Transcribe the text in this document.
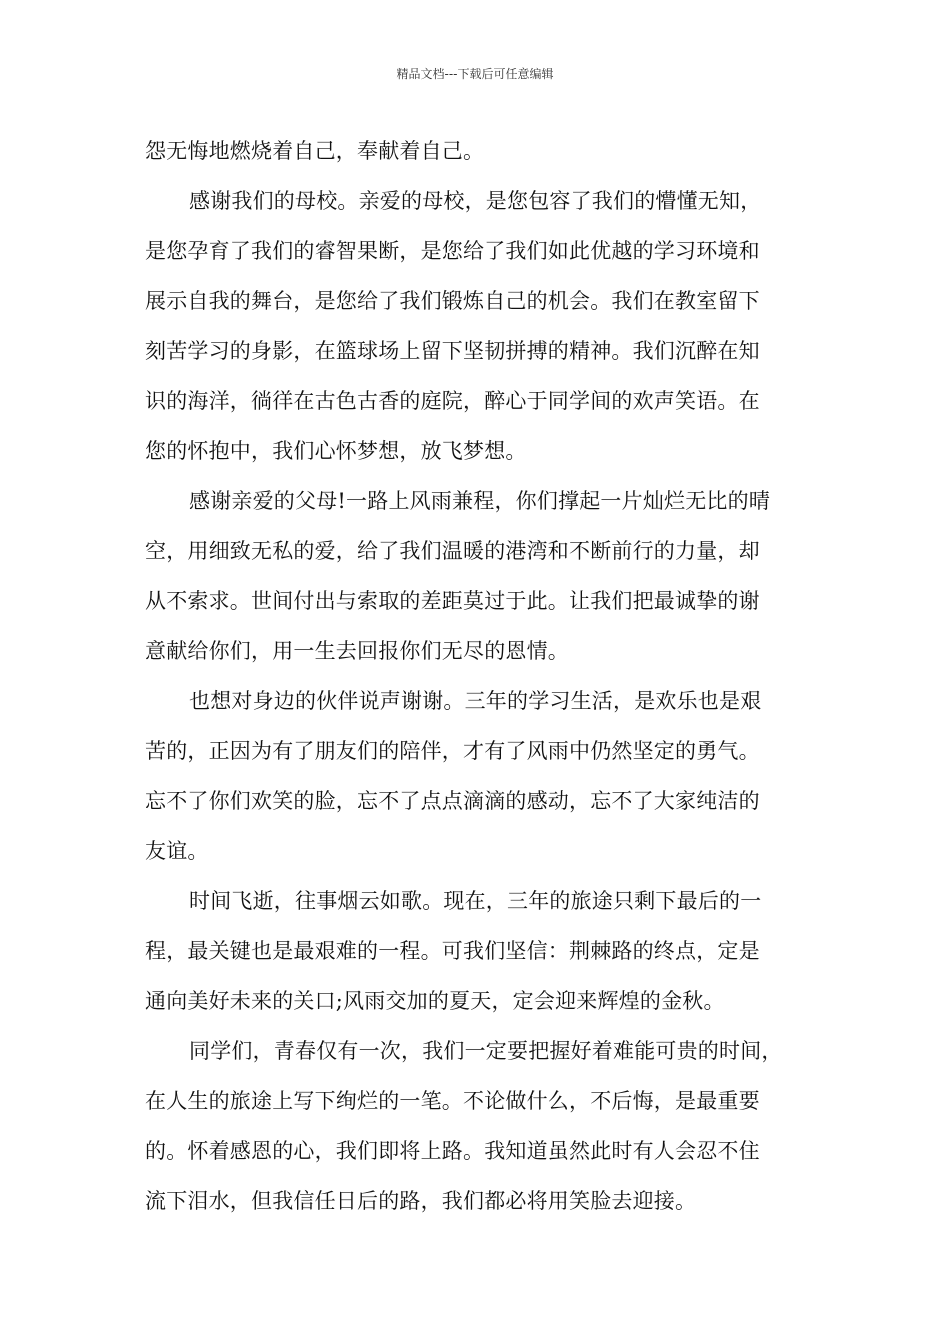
精品文档---下载后可任意编辑
怨无悔地燃烧着自己，奉献着自己。
感谢我们的母校。亲爱的母校，是您包容了我们的懵懂无知，
是您孕育了我们的睿智果断，是您给了我们如此优越的学习环境和
展示自我的舞台，是您给了我们锻炼自己的机会。我们在教室留下
刻苦学习的身影，在篮球场上留下坚韧拼搏的精神。我们沉醉在知
识的海洋，徜徉在古色古香的庭院，醉心于同学间的欢声笑语。在
您的怀抱中，我们心怀梦想，放飞梦想。
感谢亲爱的父母!一路上风雨兼程，你们撑起一片灿烂无比的晴
空，用细致无私的爱，给了我们温暖的港湾和不断前行的力量，却
从不索求。世间付出与索取的差距莫过于此。让我们把最诚挚的谢
意献给你们，用一生去回报你们无尽的恩情。
也想对身边的伙伴说声谢谢。三年的学习生活，是欢乐也是艰
苦的，正因为有了朋友们的陪伴，才有了风雨中仍然坚定的勇气。
忘不了你们欢笑的脸，忘不了点点滴滴的感动，忘不了大家纯洁的
友谊。
时间飞逝，往事烟云如歌。现在，三年的旅途只剩下最后的一
程，最关键也是最艰难的一程。可我们坚信：荆棘路的终点，定是
通向美好未来的关口;风雨交加的夏天，定会迎来辉煌的金秋。
同学们，青春仅有一次，我们一定要把握好着难能可贵的时间，
在人生的旅途上写下绚烂的一笔。不论做什么，不后悔，是最重要
的。怀着感恩的心，我们即将上路。我知道虽然此时有人会忍不住
流下泪水，但我信任日后的路，我们都必将用笑脸去迎接。
